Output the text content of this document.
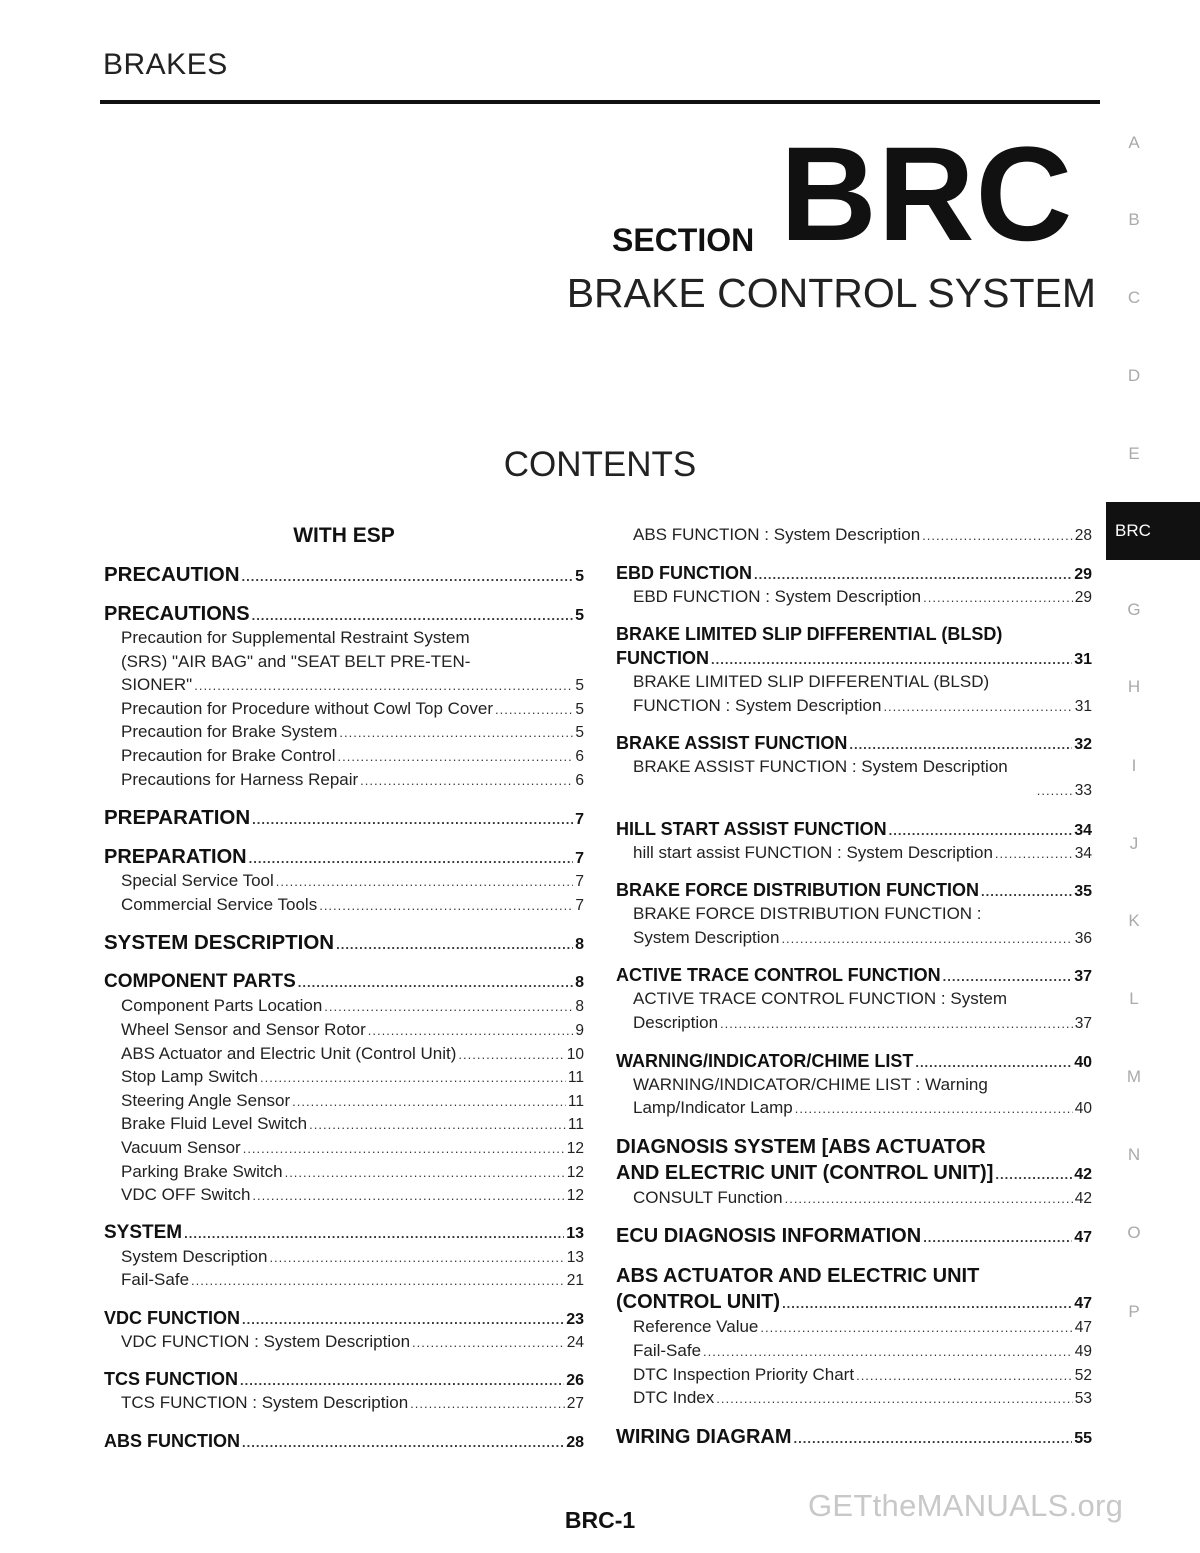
BRAKES
SECTION BRC
BRAKE CONTROL SYSTEM
CONTENTS
A
B
C
D
E
BRC
G
H
I
J
K
L
M
N
O
P
WITH ESP
PRECAUTION .....	5
PRECAUTIONS .....	5
Precaution for Supplemental Restraint System
(SRS) "AIR BAG" and "SEAT BELT PRE-TEN-
SIONER" .....	5
Precaution for Procedure without Cowl Top Cover .....	5
Precaution for Brake System .....	5
Precaution for Brake Control .....	6
Precautions for Harness Repair .....	6
PREPARATION .....	7
PREPARATION .....	7
Special Service Tool .....	7
Commercial Service Tools .....	7
SYSTEM DESCRIPTION .....	8
COMPONENT PARTS .....	8
Component Parts Location .....	8
Wheel Sensor and Sensor Rotor .....	9
ABS Actuator and Electric Unit (Control Unit) .....	10
Stop Lamp Switch .....	11
Steering Angle Sensor .....	11
Brake Fluid Level Switch .....	11
Vacuum Sensor .....	12
Parking Brake Switch .....	12
VDC OFF Switch .....	12
SYSTEM .....	13
System Description .....	13
Fail-Safe .....	21
VDC FUNCTION .....	23
VDC FUNCTION : System Description .....	24
TCS FUNCTION .....	26
TCS FUNCTION : System Description .....	27
ABS FUNCTION .....	28
ABS FUNCTION : System Description .....	28
EBD FUNCTION .....	29
EBD FUNCTION : System Description .....	29
BRAKE LIMITED SLIP DIFFERENTIAL (BLSD)
FUNCTION .....	31
BRAKE LIMITED SLIP DIFFERENTIAL (BLSD)
FUNCTION : System Description .....	31
BRAKE ASSIST FUNCTION .....	32
BRAKE ASSIST FUNCTION : System Description
.....
33
HILL START ASSIST FUNCTION .....	34
hill start assist FUNCTION : System Description .....	34
BRAKE FORCE DISTRIBUTION FUNCTION .....	35
BRAKE FORCE DISTRIBUTION FUNCTION :
System Description .....	36
ACTIVE TRACE CONTROL FUNCTION .....	37
ACTIVE TRACE CONTROL FUNCTION : System
Description .....	37
WARNING/INDICATOR/CHIME LIST .....	40
WARNING/INDICATOR/CHIME LIST : Warning
Lamp/Indicator Lamp .....	40
DIAGNOSIS SYSTEM [ABS ACTUATOR
AND ELECTRIC UNIT (CONTROL UNIT)] .....	42
CONSULT Function .....	42
ECU DIAGNOSIS INFORMATION .....	47
ABS ACTUATOR AND ELECTRIC UNIT
(CONTROL UNIT) .....	47
Reference Value .....	47
Fail-Safe .....	49
DTC Inspection Priority Chart .....	52
DTC Index .....	53
WIRING DIAGRAM .....	55
BRC-1	GETtheMANUALS.org
